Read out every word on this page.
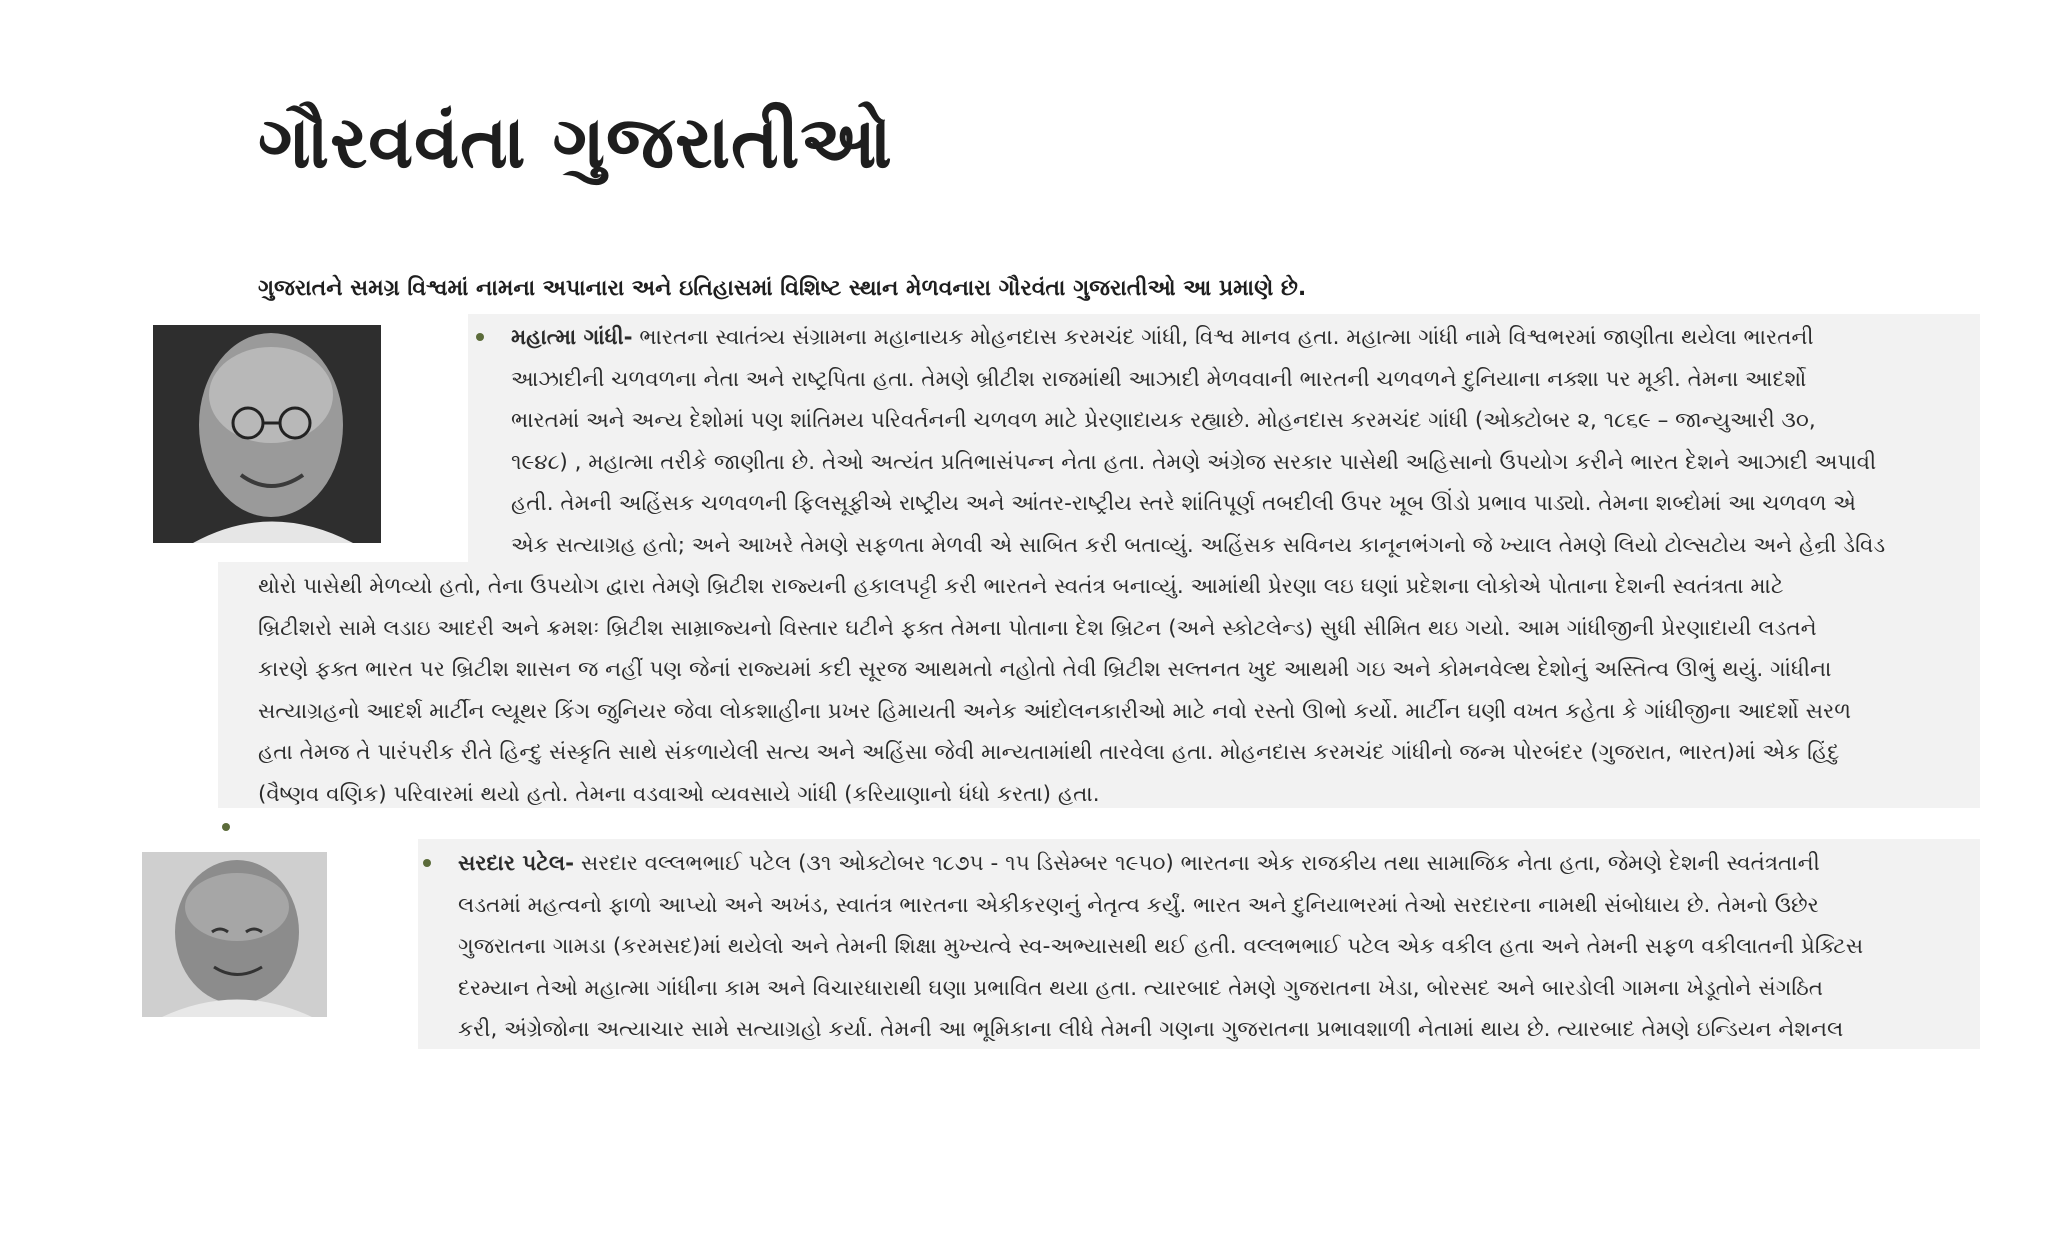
ગૌરવવંતા ગુજરાતીઓ

ગુજરાતને સમગ્ર વિશ્વમાં નામના અપાનારા અને ઇતિહાસમાં વિશિષ્ટ સ્થાન મેળવનારા ગૌરવંતા ગુજરાતીઓ આ પ્રમાણે છે.

મહાત્મા ગાંધી- ભારતના સ્વાતંત્ર્ય સંગ્રામના મહાનાયક મોહનદાસ કરમચંદ ગાંધી, વિશ્વ માનવ હતા. મહાત્મા ગાંધી નામે વિશ્વભરમાં જાણીતા થયેલા ભારતની
આઝાદીની ચળવળના નેતા અને રાષ્ટ્રપિતા હતા. તેમણે બ્રીટીશ રાજમાંથી આઝાદી મેળવવાની ભારતની ચળવળને દુનિયાના નક્શા પર મૂકી. તેમના આદર્શો
ભારતમાં અને અન્ય દેશોમાં પણ શાંતિમય પરિવર્તનની ચળવળ માટે પ્રેરણાદાયક રહ્યાછે. મોહનદાસ કરમચંદ ગાંધી (ઓક્ટોબર ૨, ૧૮૬૯ – જાન્યુઆરી ૩૦,
૧૯૪૮) , મહાત્મા તરીકે જાણીતા છે. તેઓ અત્યંત પ્રતિભાસંપન્ન નેતા હતા. તેમણે અંગ્રેજ સરકાર પાસેથી અહિસાનો ઉપયોગ કરીને ભારત દેશને આઝાદી અપાવી
હતી. તેમની અહિંસક ચળવળની ફિલસૂફીએ રાષ્ટ્રીય અને આંતર-રાષ્ટ્રીય સ્તરે શાંતિપૂર્ણ તબદીલી ઉપર ખૂબ ઊંડો પ્રભાવ પાડ્યો. તેમના શબ્દોમાં આ ચળવળ એ
એક સત્યાગ્રહ હતો; અને આખરે તેમણે સફળતા મેળવી એ સાબિત કરી બતાવ્યું. અહિંસક સવિનય કાનૂનભંગનો જે ખ્યાલ તેમણે લિયો ટોલ્સટોય અને હેન્રી ડેવિડ
થોરો પાસેથી મેળવ્યો હતો, તેના ઉપયોગ દ્વારા તેમણે બ્રિટીશ રાજ્યની હકાલપટ્ટી કરી ભારતને સ્વતંત્ર બનાવ્યું. આમાંથી પ્રેરણા લઇ ઘણાં પ્રદેશના લોકોએ પોતાના દેશની સ્વતંત્રતા માટે
બ્રિટીશરો સામે લડાઇ આદરી અને ક્રમશઃ બ્રિટીશ સામ્રાજ્યનો વિસ્તાર ઘટીને ફક્ત તેમના પોતાના દેશ બ્રિટન (અને સ્કોટલેન્ડ) સુધી સીમિત થઇ ગયો. આમ ગાંધીજીની પ્રેરણાદાયી લડતને
કારણે ફક્ત ભારત પર બ્રિટીશ શાસન જ નહીં પણ જેનાં રાજ્યમાં કદી સૂરજ આથમતો નહોતો તેવી બ્રિટીશ સલ્તનત ખુદ આથમી ગઇ અને કોમનવેલ્થ દેશોનું અસ્તિત્વ ઊભું થયું. ગાંધીના
સત્યાગ્રહનો આદર્શ માર્ટીન લ્યૂથર કિંગ જુનિયર જેવા લોકશાહીના પ્રખર હિમાયતી અનેક આંદોલનકારીઓ માટે નવો રસ્તો ઊભો કર્યો. માર્ટીન ઘણી વખત કહેતા કે ગાંધીજીના આદર્શો સરળ
હતા તેમજ તે પારંપરીક રીતે હિન્દુ સંસ્કૃતિ સાથે સંકળાયેલી સત્ય અને અહિંસા જેવી માન્યતામાંથી તારવેલા હતા. મોહનદાસ કરમચંદ ગાંધીનો જન્મ પોરબંદર (ગુજરાત, ભારત)માં એક હિંદુ
(વૈષ્ણવ વણિક) પરિવારમાં થયો હતો. તેમના વડવાઓ વ્યવસાયે ગાંધી (કરિયાણાનો ધંધો કરતા) હતા.
સરદાર પટેલ- સરદાર વલ્લભભાઈ પટેલ (૩૧ ઓક્ટોબર ૧૮૭૫ - ૧૫ ડિસેમ્બર ૧૯૫૦) ભારતના એક રાજકીય તથા સામાજિક નેતા હતા, જેમણે દેશની સ્વતંત્રતાની
લડતમાં મહત્વનો ફાળો આપ્યો અને અખંડ, સ્વાતંત્ર ભારતના એકીકરણનું નેતૃત્વ કર્યું. ભારત અને દુનિયાભરમાં તેઓ સરદારના નામથી સંબોધાય છે. તેમનો ઉછેર
ગુજરાતના ગામડા (કરમસદ)માં થયેલો અને તેમની શિક્ષા મુખ્યત્વે સ્વ-અભ્યાસથી થઈ હતી. વલ્લભભાઈ પટેલ એક વકીલ હતા અને તેમની સફળ વકીલાતની પ્રેક્ટિસ
દરમ્યાન તેઓ મહાત્મા ગાંધીના કામ અને વિચારધારાથી ઘણા પ્રભાવિત થયા હતા. ત્યારબાદ તેમણે ગુજરાતના ખેડા, બોરસદ અને બારડોલી ગામના ખેડૂતોને સંગઠિત
કરી, અંગ્રેજોના અત્યાચાર સામે સત્યાગ્રહો કર્યા. તેમની આ ભૂમિકાના લીધે તેમની ગણના ગુજરાતના પ્રભાવશાળી નેતામાં થાય છે. ત્યારબાદ તેમણે ઇન્ડિયન નેશનલ
